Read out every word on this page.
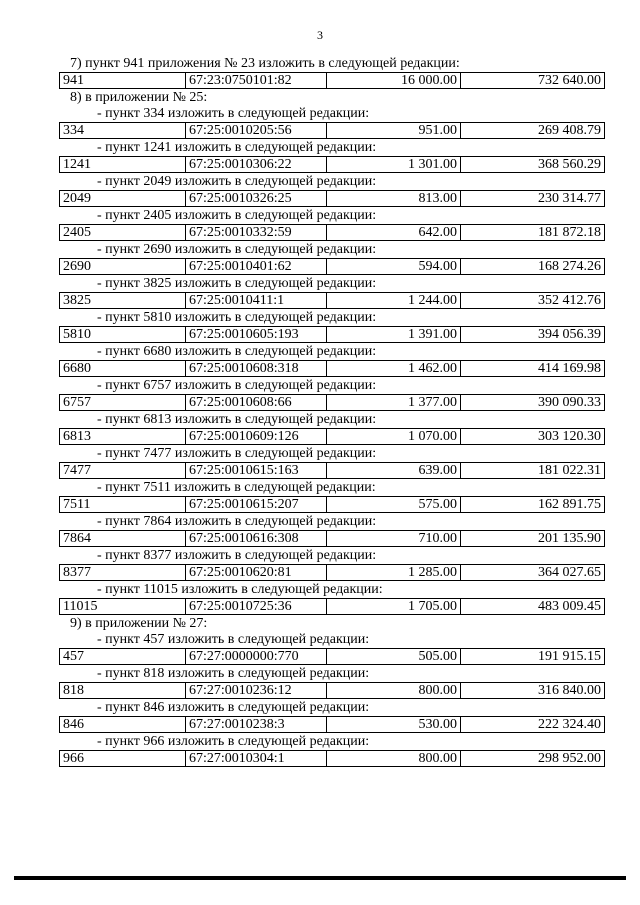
3
7) пункт 941 приложения № 23 изложить в следующей редакции:
941	67:23:0750101:82	16 000.00	732 640.00
8) в приложении № 25:
- пункт 334 изложить в следующей редакции:
334	67:25:0010205:56	951.00	269 408.79
- пункт 1241 изложить в следующей редакции:
1241	67:25:0010306:22	1 301.00	368 560.29
- пункт 2049 изложить в следующей редакции:
2049	67:25:0010326:25	813.00	230 314.77
- пункт 2405 изложить в следующей редакции:
2405	67:25:0010332:59	642.00	181 872.18
- пункт 2690 изложить в следующей редакции:
2690	67:25:0010401:62	594.00	168 274.26
- пункт 3825 изложить в следующей редакции:
3825	67:25:0010411:1	1 244.00	352 412.76
- пункт 5810 изложить в следующей редакции:
5810	67:25:0010605:193	1 391.00	394 056.39
- пункт 6680 изложить в следующей редакции:
6680	67:25:0010608:318	1 462.00	414 169.98
- пункт 6757 изложить в следующей редакции:
6757	67:25:0010608:66	1 377.00	390 090.33
- пункт 6813 изложить в следующей редакции:
6813	67:25:0010609:126	1 070.00	303 120.30
- пункт 7477 изложить в следующей редакции:
7477	67:25:0010615:163	639.00	181 022.31
- пункт 7511 изложить в следующей редакции:
7511	67:25:0010615:207	575.00	162 891.75
- пункт 7864 изложить в следующей редакции:
7864	67:25:0010616:308	710.00	201 135.90
- пункт 8377 изложить в следующей редакции:
8377	67:25:0010620:81	1 285.00	364 027.65
- пункт 11015 изложить в следующей редакции:
11015	67:25:0010725:36	1 705.00	483 009.45
9) в приложении № 27:
- пункт 457 изложить в следующей редакции:
457	67:27:0000000:770	505.00	191 915.15
- пункт 818 изложить в следующей редакции:
818	67:27:0010236:12	800.00	316 840.00
- пункт 846 изложить в следующей редакции:
846	67:27:0010238:3	530.00	222 324.40
- пункт 966 изложить в следующей редакции:
966	67:27:0010304:1	800.00	298 952.00
